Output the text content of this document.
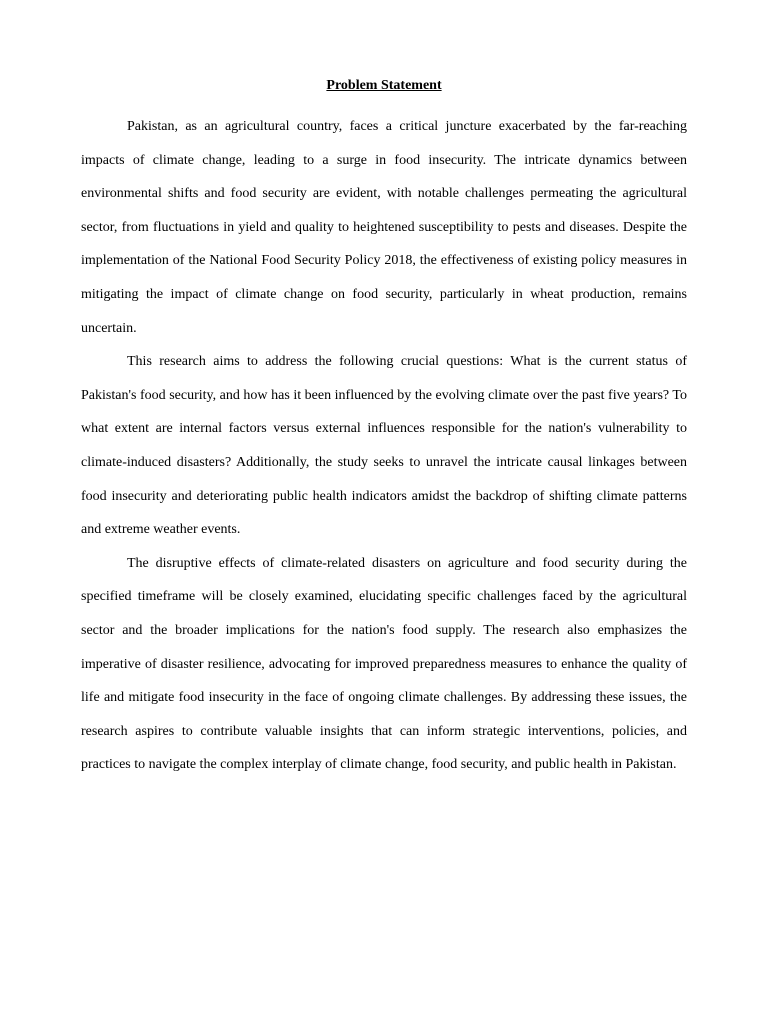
Problem Statement

Pakistan, as an agricultural country, faces a critical juncture exacerbated by the far-reaching impacts of climate change, leading to a surge in food insecurity. The intricate dynamics between environmental shifts and food security are evident, with notable challenges permeating the agricultural sector, from fluctuations in yield and quality to heightened susceptibility to pests and diseases. Despite the implementation of the National Food Security Policy 2018, the effectiveness of existing policy measures in mitigating the impact of climate change on food security, particularly in wheat production, remains uncertain.

This research aims to address the following crucial questions: What is the current status of Pakistan's food security, and how has it been influenced by the evolving climate over the past five years? To what extent are internal factors versus external influences responsible for the nation's vulnerability to climate-induced disasters? Additionally, the study seeks to unravel the intricate causal linkages between food insecurity and deteriorating public health indicators amidst the backdrop of shifting climate patterns and extreme weather events.

The disruptive effects of climate-related disasters on agriculture and food security during the specified timeframe will be closely examined, elucidating specific challenges faced by the agricultural sector and the broader implications for the nation's food supply. The research also emphasizes the imperative of disaster resilience, advocating for improved preparedness measures to enhance the quality of life and mitigate food insecurity in the face of ongoing climate challenges. By addressing these issues, the research aspires to contribute valuable insights that can inform strategic interventions, policies, and practices to navigate the complex interplay of climate change, food security, and public health in Pakistan.
